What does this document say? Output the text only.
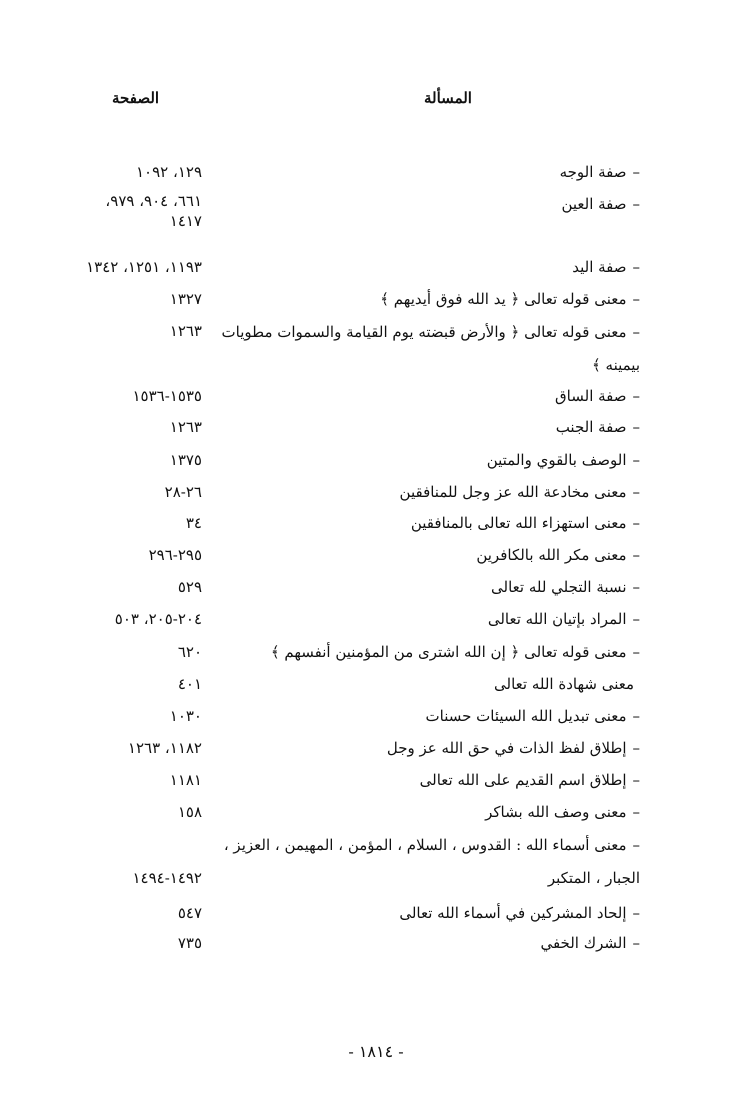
المسألة
الصفحة
–صفة الوجه
١٢٩، ١٠٩٢
–صفة العين
٦٦١، ٩٠٤، ٩٧٩،
١٤١٧
–صفة اليد
١١٩٣، ١٢٥١، ١٣٤٢
–معنى قوله تعالى ﴿ يد الله فوق أيديهم ﴾
١٣٢٧
–معنى قوله تعالى ﴿ والأرض قبضته يوم القيامة والسموات مطويات بيمينه ﴾
١٢٦٣
–صفة الساق
١٥٣٥-١٥٣٦
–صفة الجنب
١٢٦٣
–الوصف بالقوي والمتين
١٣٧٥
–معنى مخادعة الله عز وجل للمنافقين
٢٦-٢٨
–معنى استهزاء الله تعالى بالمنافقين
٣٤
–معنى مكر الله بالكافرين
٢٩٥-٢٩٦
–نسبة التجلي لله تعالى
٥٢٩
–المراد بإتيان الله تعالى
٢٠٤-٢٠٥، ٥٠٣
–معنى قوله تعالى ﴿ إن الله اشترى من المؤمنين أنفسهم ﴾
٦٢٠
معنى شهادة الله تعالى
٤٠١
–معنى تبديل الله السيئات حسنات
١٠٣٠
–إطلاق لفظ الذات في حق الله عز وجل
١١٨٢، ١٢٦٣
–إطلاق اسم القديم على الله تعالى
١١٨١
–معنى وصف الله بشاكر
١٥٨
–معنى أسماء الله : القدوس ، السلام ، المؤمن ، المهيمن ، العزيز ، الجبار ، المتكبر
١٤٩٢-١٤٩٤
–إلحاد المشركين في أسماء الله تعالى
٥٤٧
–الشرك الخفي
٧٣٥
- ١٨١٤ -
